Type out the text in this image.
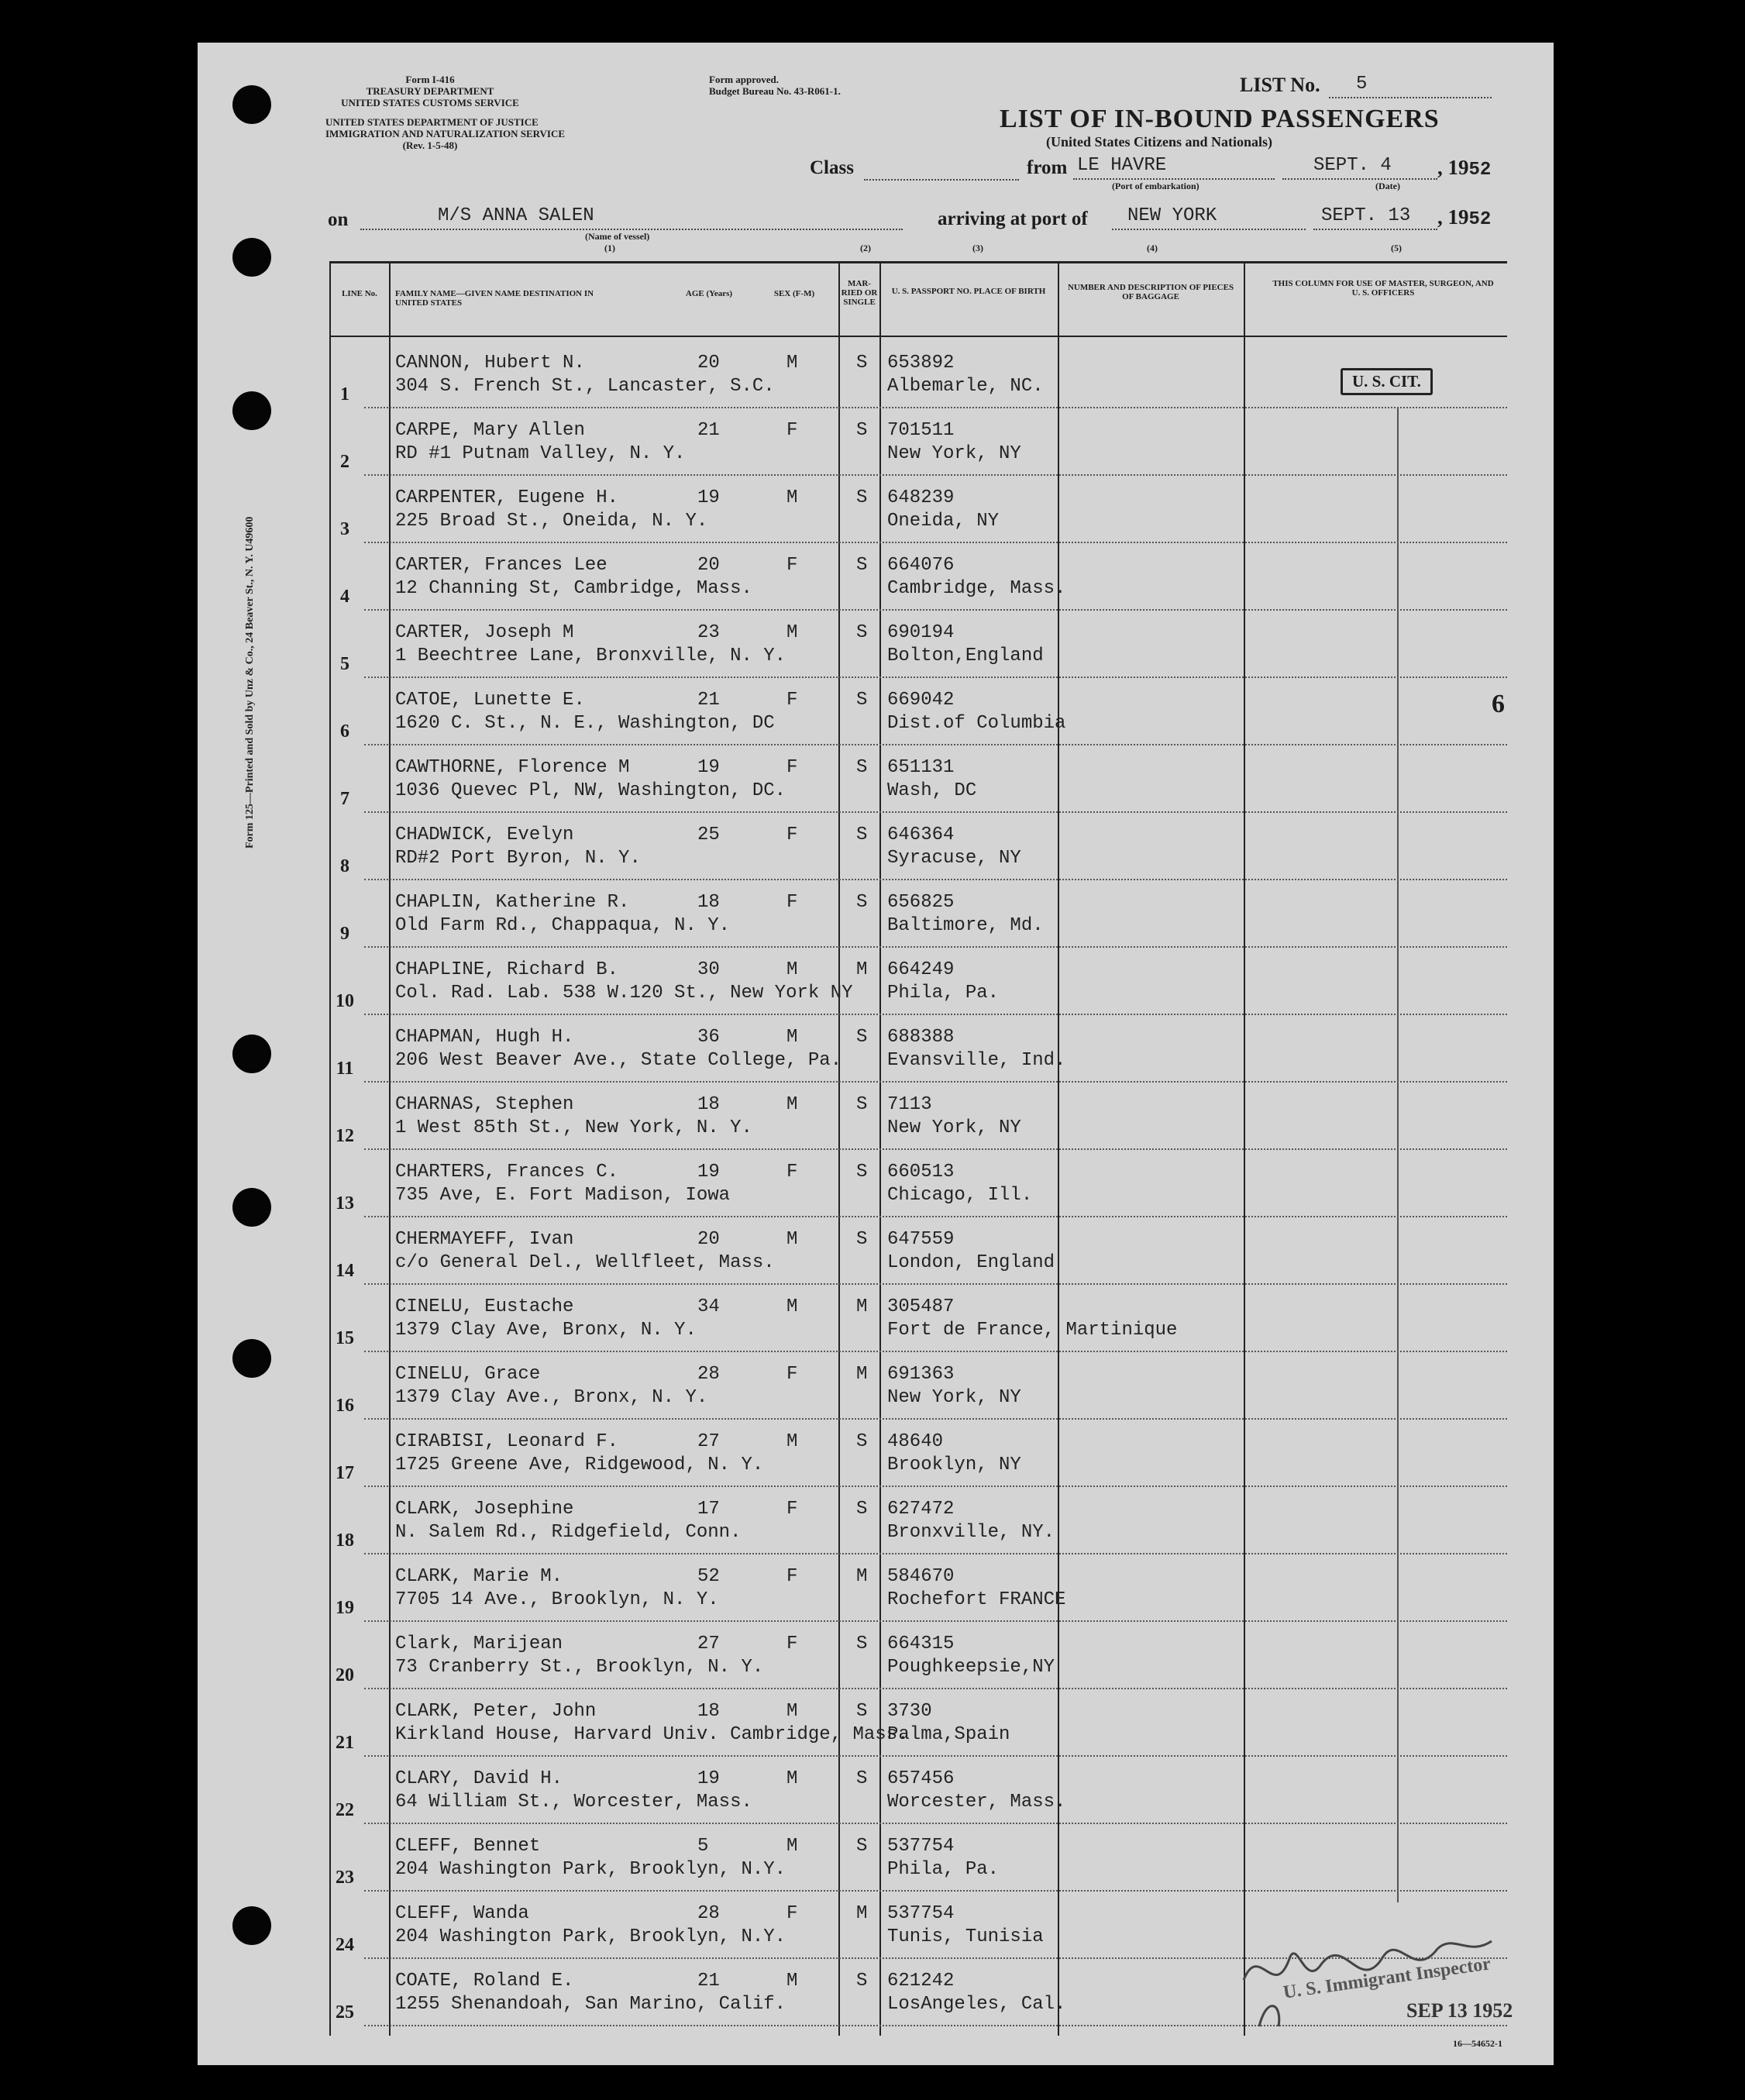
Form 125—Printed and Sold by Unz & Co., 24 Beaver St., N. Y. U49600
Form I-416
TREASURY DEPARTMENT
UNITED STATES CUSTOMS SERVICE
UNITED STATES DEPARTMENT OF JUSTICE
IMMIGRATION AND NATURALIZATION SERVICE
(Rev. 1-5-48)
Form approved.
Budget Bureau No. 43-R061-1.	LIST No.	5
LIST OF IN-BOUND PASSENGERS
(United States Citizens and Nationals)
Class	from LE HAVRE
(Port of embarkation)
SEPT. 4
(Date)
, 1952
on	M/S ANNA SALEN
(Name of vessel)
(1)
arriving at port of	NEW YORK	SEPT. 13	, 1952
(2)	(3)	(4)	(5)
LINE No.	FAMILY NAME—GIVEN NAME DESTINATION IN UNITED STATES
AGE (Years)	SEX (F-M)
MAR- RIED OR SINGLE
U. S. PASSPORT NO. PLACE OF BIRTH	NUMBER AND DESCRIPTION OF PIECES OF BAGGAGE
THIS COLUMN FOR USE OF MASTER, SURGEON, AND U. S. OFFICERS
1
CANNON, Hubert N.
304 S. French St., Lancaster, S.C.
20	M	S 653892
Albemarle, NC.
2
CARPE, Mary Allen
RD #1 Putnam Valley, N. Y.
21	F	S 701511
New York, NY
3
CARPENTER, Eugene H.
225 Broad St., Oneida, N. Y.
19	M	S 648239
Oneida, NY
4
CARTER, Frances Lee
12 Channing St, Cambridge, Mass.
20	F	S 664076
Cambridge, Mass.
5
CARTER, Joseph M
1 Beechtree Lane, Bronxville, N. Y.
23	M	S 690194
Bolton,England
6
CATOE, Lunette E.
1620 C. St., N. E., Washington, DC
21	F	S 669042
Dist.of Columbia
7
CAWTHORNE, Florence M
1036 Quevec Pl, NW, Washington, DC.
19	F	S 651131
Wash, DC
8
CHADWICK, Evelyn
RD#2 Port Byron, N. Y.
25	F	S 646364
Syracuse, NY
9
CHAPLIN, Katherine R.
Old Farm Rd., Chappaqua, N. Y.
18	F	S 656825
Baltimore, Md.
10
CHAPLINE, Richard B.
Col. Rad. Lab. 538 W.120 St., New York NY
30	M	M 664249
Phila, Pa.
11
CHAPMAN, Hugh H.
206 West Beaver Ave., State College, Pa.
36	M	S 688388
Evansville, Ind.
12
CHARNAS, Stephen
1 West 85th St., New York, N. Y.
18	M	S 7113
New York, NY
13
CHARTERS, Frances C.
735 Ave, E. Fort Madison, Iowa
19	F	S 660513
Chicago, Ill.
14
CHERMAYEFF, Ivan
c/o General Del., Wellfleet, Mass.
20	M	S 647559
London, England
15
CINELU, Eustache
1379 Clay Ave, Bronx, N. Y.
34	M	M 305487
Fort de France, Martinique
16
CINELU, Grace
1379 Clay Ave., Bronx, N. Y.
28	F	M 691363
New York, NY
17
CIRABISI, Leonard F.
1725 Greene Ave, Ridgewood, N. Y.
27	M	S 48640
Brooklyn, NY
18
CLARK, Josephine
N. Salem Rd., Ridgefield, Conn.
17	F	S 627472
Bronxville, NY.
19
CLARK, Marie M.
7705 14 Ave., Brooklyn, N. Y.
52	F	M 584670
Rochefort FRANCE
20
Clark, Marijean
73 Cranberry St., Brooklyn, N. Y.
27	F	S 664315
Poughkeepsie,NY
21
CLARK, Peter, John
Kirkland House, Harvard Univ. Cambridge, Mass.
18	M	S 3730
Palma,Spain
22
CLARY, David H.
64 William St., Worcester, Mass.
19	M	S 657456
Worcester, Mass.
23
CLEFF, Bennet
204 Washington Park, Brooklyn, N.Y.
5	M	S 537754
Phila, Pa.
24
CLEFF, Wanda
204 Washington Park, Brooklyn, N.Y.
28	F	M 537754
Tunis, Tunisia
25
COATE, Roland E.
1255 Shenandoah, San Marino, Calif.
21	M	S 621242
LosAngeles, Cal.
U. S. CIT.
6
U. S. Immigrant Inspector
SEP 13 1952
16—54652-1
